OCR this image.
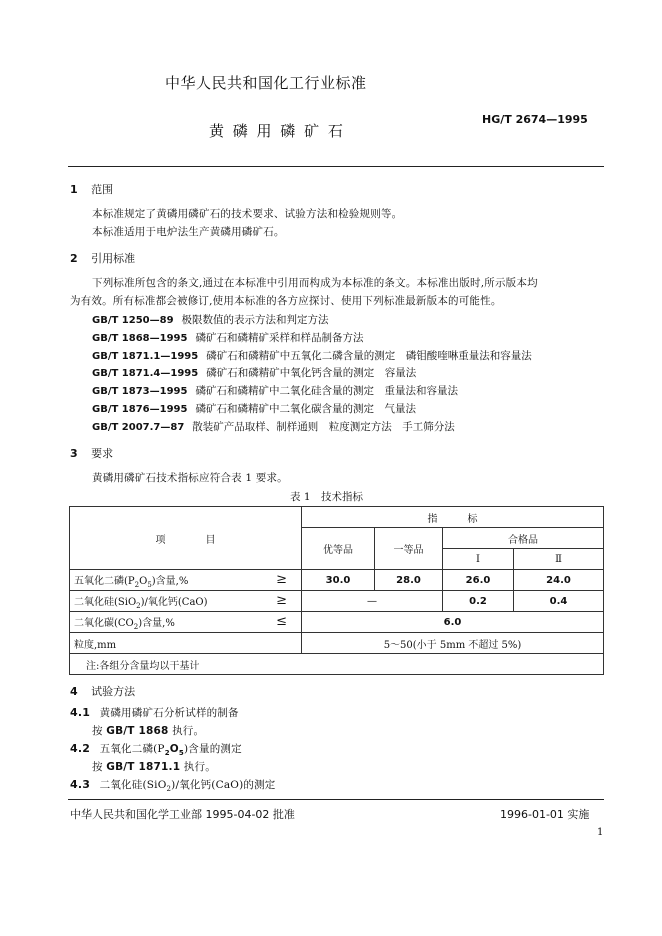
中华人民共和国化工行业标准
黄 磷 用 磷 矿 石
HG/T 2674—1995
1 范围
本标准规定了黄磷用磷矿石的技术要求、试验方法和检验规则等。
本标准适用于电炉法生产黄磷用磷矿石。
2 引用标准
下列标准所包含的条文,通过在本标准中引用而构成为本标准的条文。本标准出版时,所示版本均
为有效。所有标准都会被修订,使用本标准的各方应探讨、使用下列标准最新版本的可能性。
GB/T 1250—89 极限数值的表示方法和判定方法
GB/T 1868—1995 磷矿石和磷精矿采样和样品制备方法
GB/T 1871.1—1995 磷矿石和磷精矿中五氧化二磷含量的测定　磷钼酸喹啉重量法和容量法
GB/T 1871.4—1995 磷矿石和磷精矿中氧化钙含量的测定　容量法
GB/T 1873—1995 磷矿石和磷精矿中二氧化硅含量的测定　重量法和容量法
GB/T 1876—1995 磷矿石和磷精矿中二氧化碳含量的测定　气量法
GB/T 2007.7—87 散装矿产品取样、制样通则　粒度测定方法　手工筛分法
3 要求
黄磷用磷矿石技术指标应符合表 1 要求。
表 1　技术指标
项　　　　目	指　　　标			
	优等品	一等品	合格品	
			Ⅰ	Ⅱ
五氧化二磷$(P_2O_5)$含量,% ≥	30.0	28.0	26.0	24.0
二氧化硅(SiO$_2$)/氧化钙(CaO) ≥	—		0.2	0.4
二氧化碳$(CO_2)$含量,% ≤	6.0			
粒度,mm	5～50(小于 5mm 不超过 5%)			
注:各组分含量均以干基计				
4 试验方法
4.1 黄磷用磷矿石分析试样的制备
按 GB/T 1868 执行。
4.2 五氧化二磷$(P_2O_5)$含量的测定
按 GB/T 1871.1 执行。
4.3 二氧化硅(SiO$_2$)/氧化钙(CaO)的测定
中华人民共和国化学工业部 1995-04-02 批准	1996-01-01 实施
1
